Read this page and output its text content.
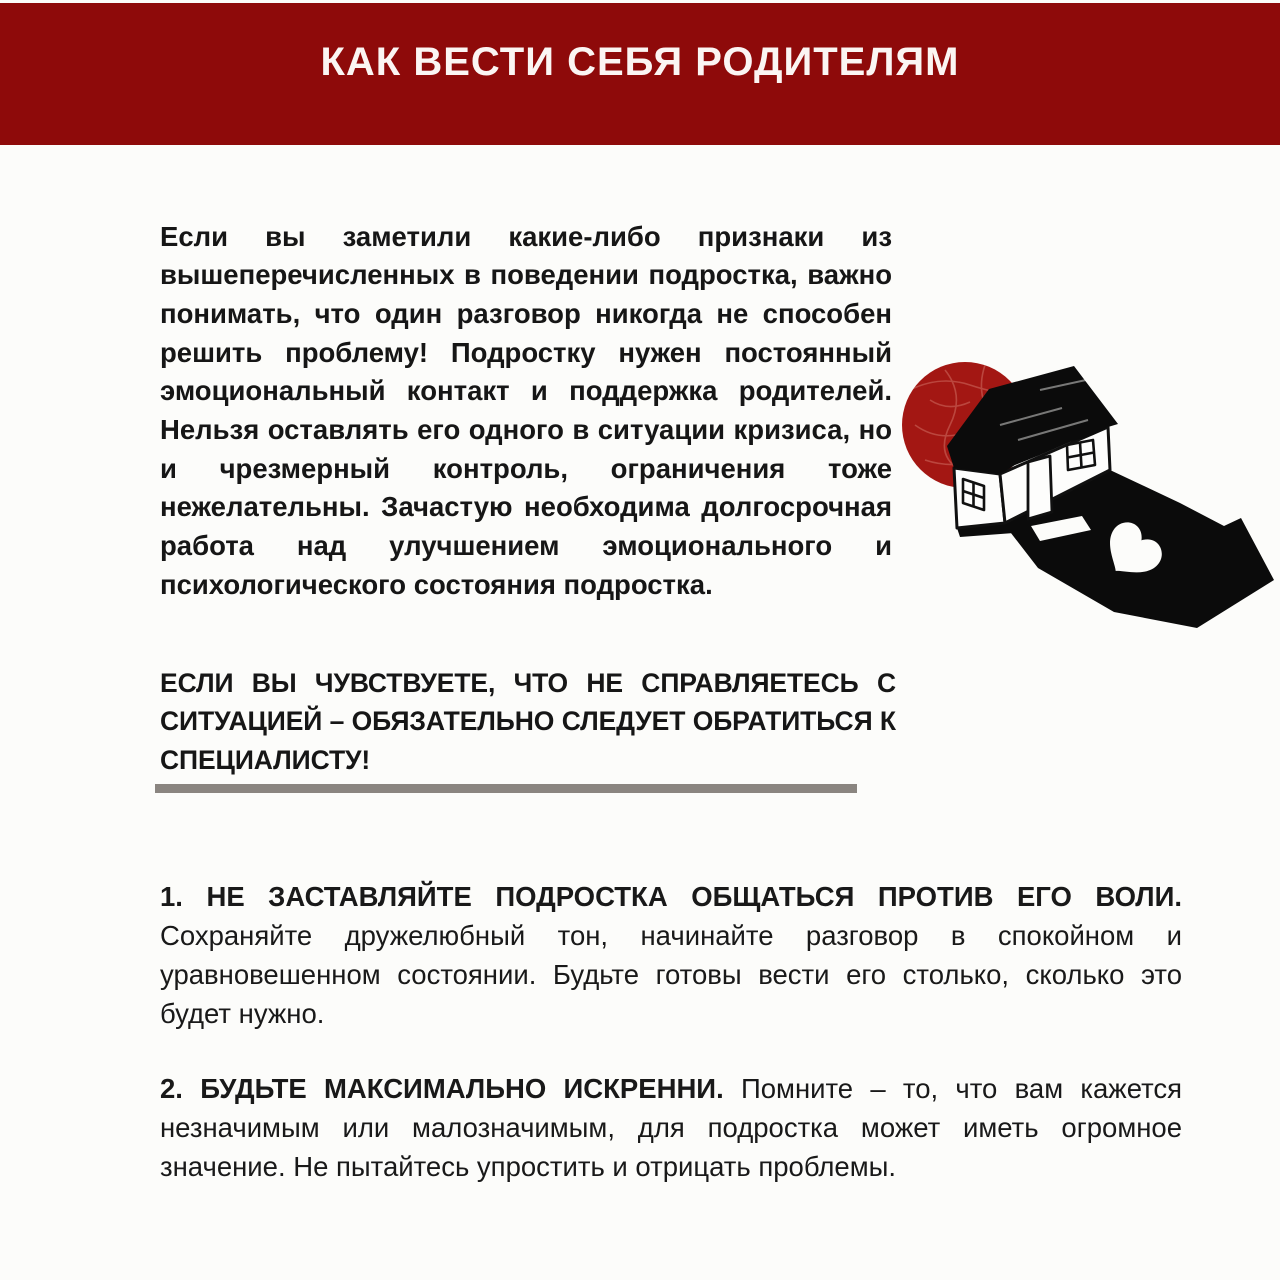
КАК ВЕСТИ СЕБЯ РОДИТЕЛЯМ

Если вы заметили какие-либо признаки из вышеперечисленных в поведении подростка, важно понимать, что один разговор никогда не способен решить проблему! Подростку нужен постоянный эмоциональный контакт и поддержка родителей. Нельзя оставлять его одного в ситуации кризиса, но и чрезмерный контроль, ограничения тоже нежелательны. Зачастую необходима долгосрочная работа над улучшением эмоционального и психологического состояния подростка.

ЕСЛИ ВЫ ЧУВСТВУЕТЕ, ЧТО НЕ СПРАВЛЯЕТЕСЬ С СИТУАЦИЕЙ – ОБЯЗАТЕЛЬНО СЛЕДУЕТ ОБРАТИТЬСЯ К СПЕЦИАЛИСТУ!

1. НЕ ЗАСТАВЛЯЙТЕ ПОДРОСТКА ОБЩАТЬСЯ ПРОТИВ ЕГО ВОЛИ.Сохраняйте дружелюбный тон, начинайте разговор в спокойном и уравновешенном состоянии. Будьте готовы вести его столько, сколько это будет нужно.

2. БУДЬТЕ МАКСИМАЛЬНО ИСКРЕННИ. Помните – то, что вам кажется незначимым или малозначимым, для подростка может иметь огромное значение. Не пытайтесь упростить и отрицать проблемы.
